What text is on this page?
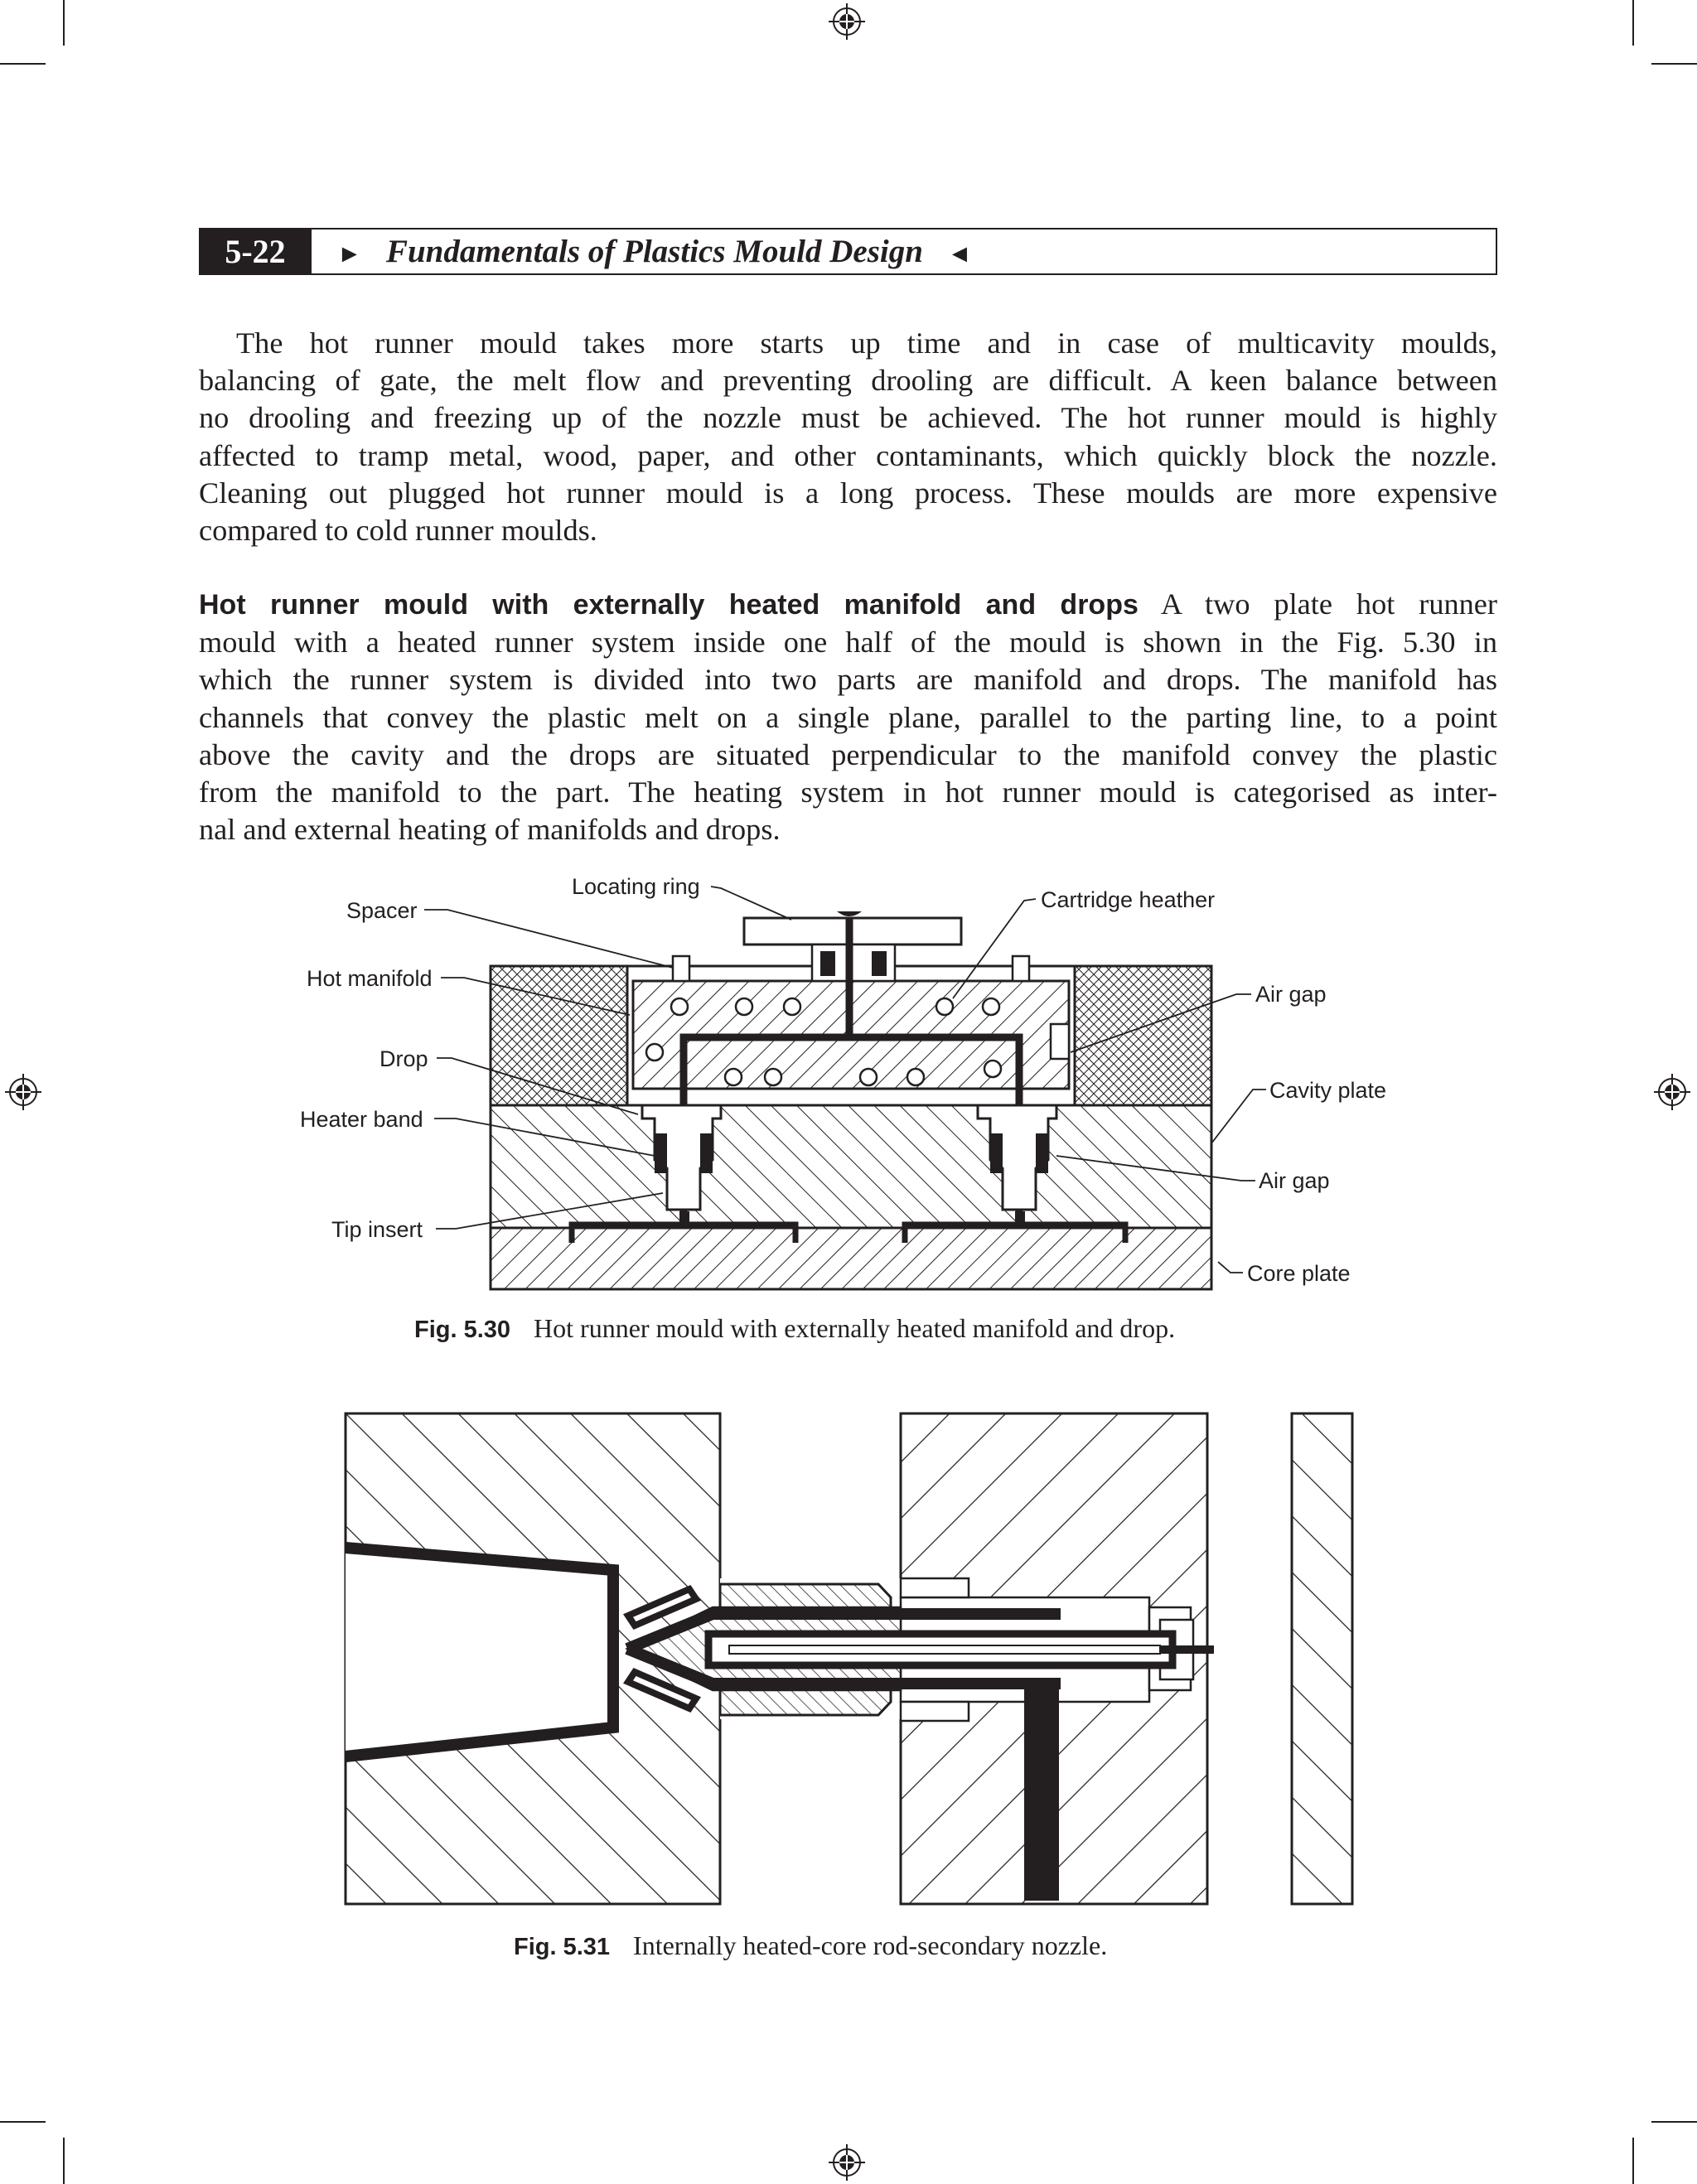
5-22	► Fundamentals of Plastics Mould Design ◄
The hot runner mould takes more starts up time and in case of multicavity moulds,
balancing of gate, the melt flow and preventing drooling are difficult. A keen balance between
no drooling and freezing up of the nozzle must be achieved. The hot runner mould is highly
affected to tramp metal, wood, paper, and other contaminants, which quickly block the nozzle.
Cleaning out plugged hot runner mould is a long process. These moulds are more expensive
compared to cold runner moulds.
Hot runner mould with externally heated manifold and drops A two plate hot runner
mould with a heated runner system inside one half of the mould is shown in the Fig. 5.30 in
which the runner system is divided into two parts are manifold and drops. The manifold has
channels that convey the plastic melt on a single plane, parallel to the parting line, to a point
above the cavity and the drops are situated perpendicular to the manifold convey the plastic
from the manifold to the part. The heating system in hot runner mould is categorised as inter-
nal and external heating of manifolds and drops.
Locating ring
Spacer	Cartridge heather
Hot manifold
Air gap
Drop
Cavity plate
Heater band
Air gap
Tip insert
Core plate
Fig. 5.30 Hot runner mould with externally heated manifold and drop.
Fig. 5.31 Internally heated-core rod-secondary nozzle.
